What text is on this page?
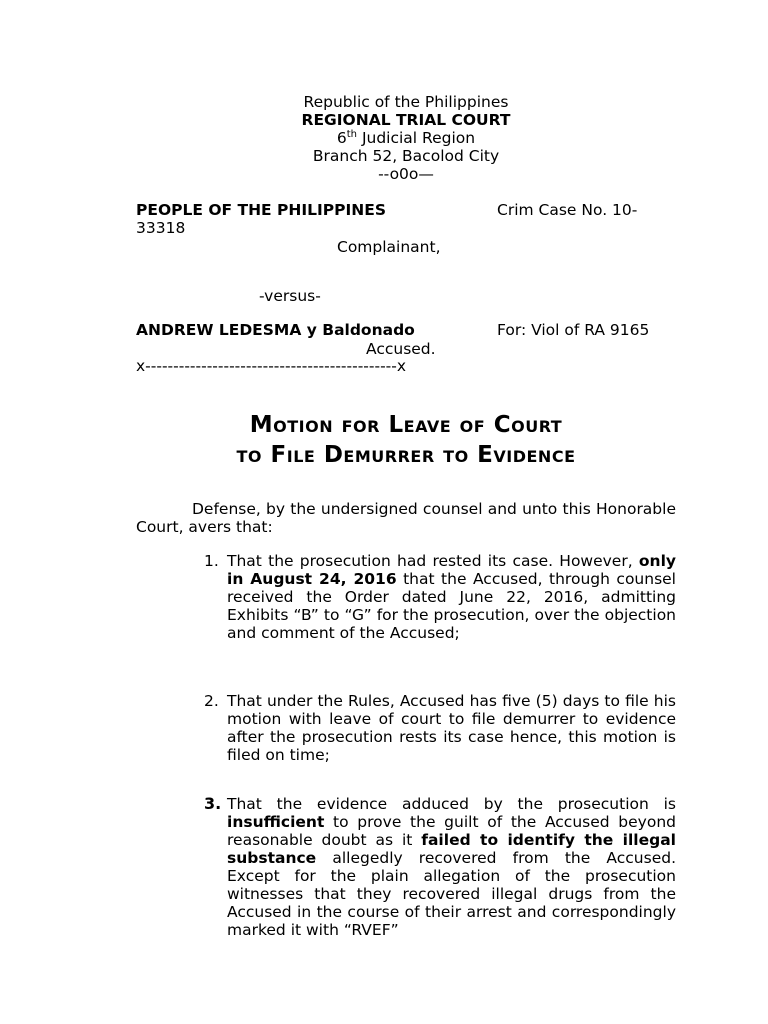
Republic of the Philippines
REGIONAL TRIAL COURT
6th Judicial Region
Branch 52, Bacolod City
--o0o—
PEOPLE OF THE PHILIPPINES	Crim Case No. 10-
33318
Complainant,
-versus-
ANDREW LEDESMA y Baldonado	For: Viol of RA 9165
Accused.
x---------------------------------------------x
Motion for Leave of Court
to File Demurrer to Evidence
Defense, by the undersigned counsel and unto this Honorable Court, avers that:
1. That the prosecution had rested its case. However, only in August 24, 2016 that the Accused, through counsel received the Order dated June 22, 2016, admitting Exhibits “B” to “G” for the prosecution, over the objection and comment of the Accused;
2. That under the Rules, Accused has five (5) days to file his motion with leave of court to file demurrer to evidence after the prosecution rests its case hence, this motion is filed on time;
3. That the evidence adduced by the prosecution is insufficient to prove the guilt of the Accused beyond reasonable doubt as it failed to identify the illegal substance allegedly recovered from the Accused. Except for the plain allegation of the prosecution witnesses that they recovered illegal drugs from the Accused in the course of their arrest and correspondingly marked it with “RVEF”
